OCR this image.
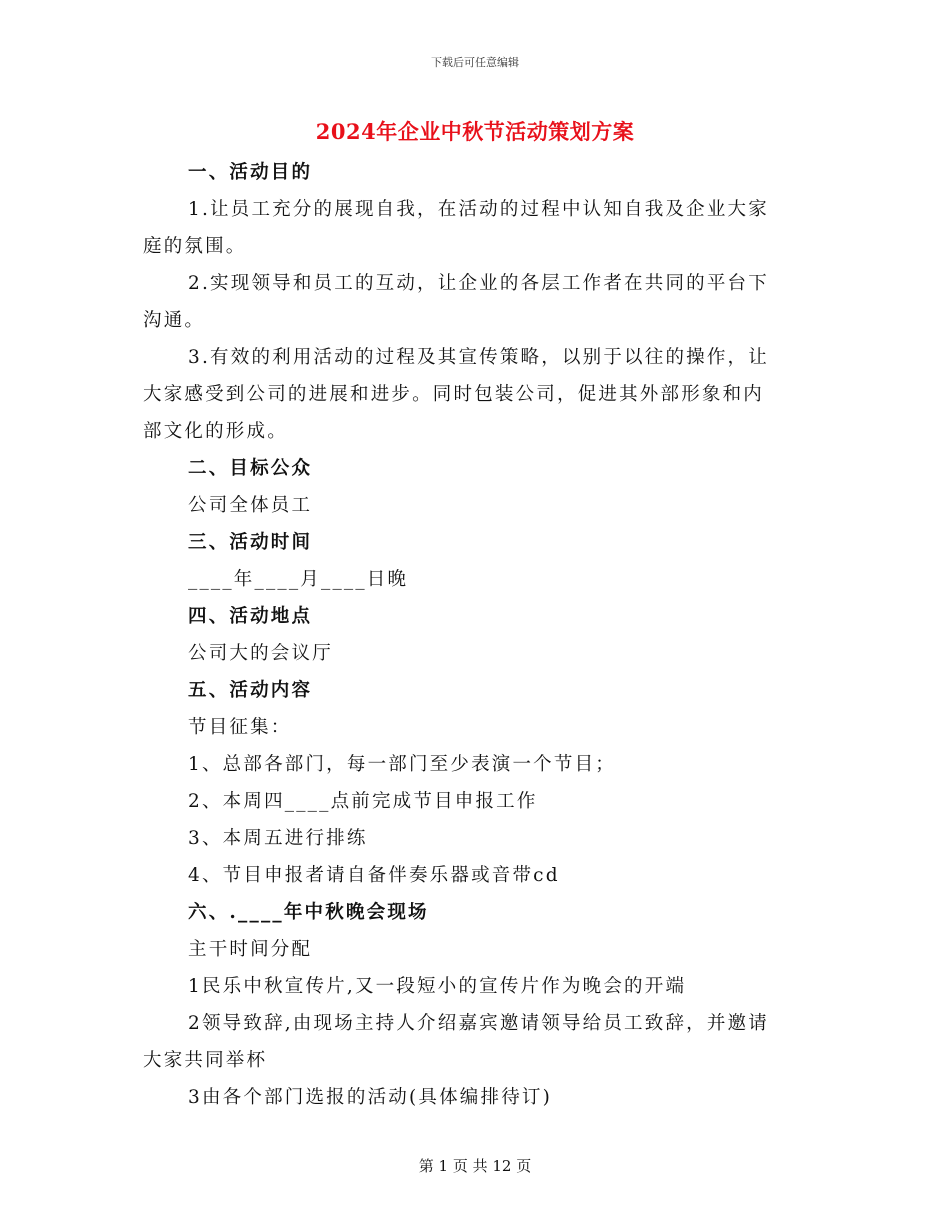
下载后可任意编辑
2024年企业中秋节活动策划方案
一、活动目的
1.让员工充分的展现自我，在活动的过程中认知自我及企业大家
庭的氛围。
2.实现领导和员工的互动，让企业的各层工作者在共同的平台下
沟通。
3.有效的利用活动的过程及其宣传策略，以别于以往的操作，让
大家感受到公司的进展和进步。同时包装公司，促进其外部形象和内
部文化的形成。
二、目标公众
公司全体员工
三、活动时间
____年____月____日晚
四、活动地点
公司大的会议厅
五、活动内容
节目征集：
1、总部各部门，每一部门至少表演一个节目；
2、本周四____点前完成节目申报工作
3、本周五进行排练
4、节目申报者请自备伴奏乐器或音带cd
六、.____年中秋晚会现场
主干时间分配
1民乐中秋宣传片,又一段短小的宣传片作为晚会的开端
2领导致辞,由现场主持人介绍嘉宾邀请领导给员工致辞，并邀请
大家共同举杯
3由各个部门选报的活动(具体编排待订)
第 1 页 共 12 页
